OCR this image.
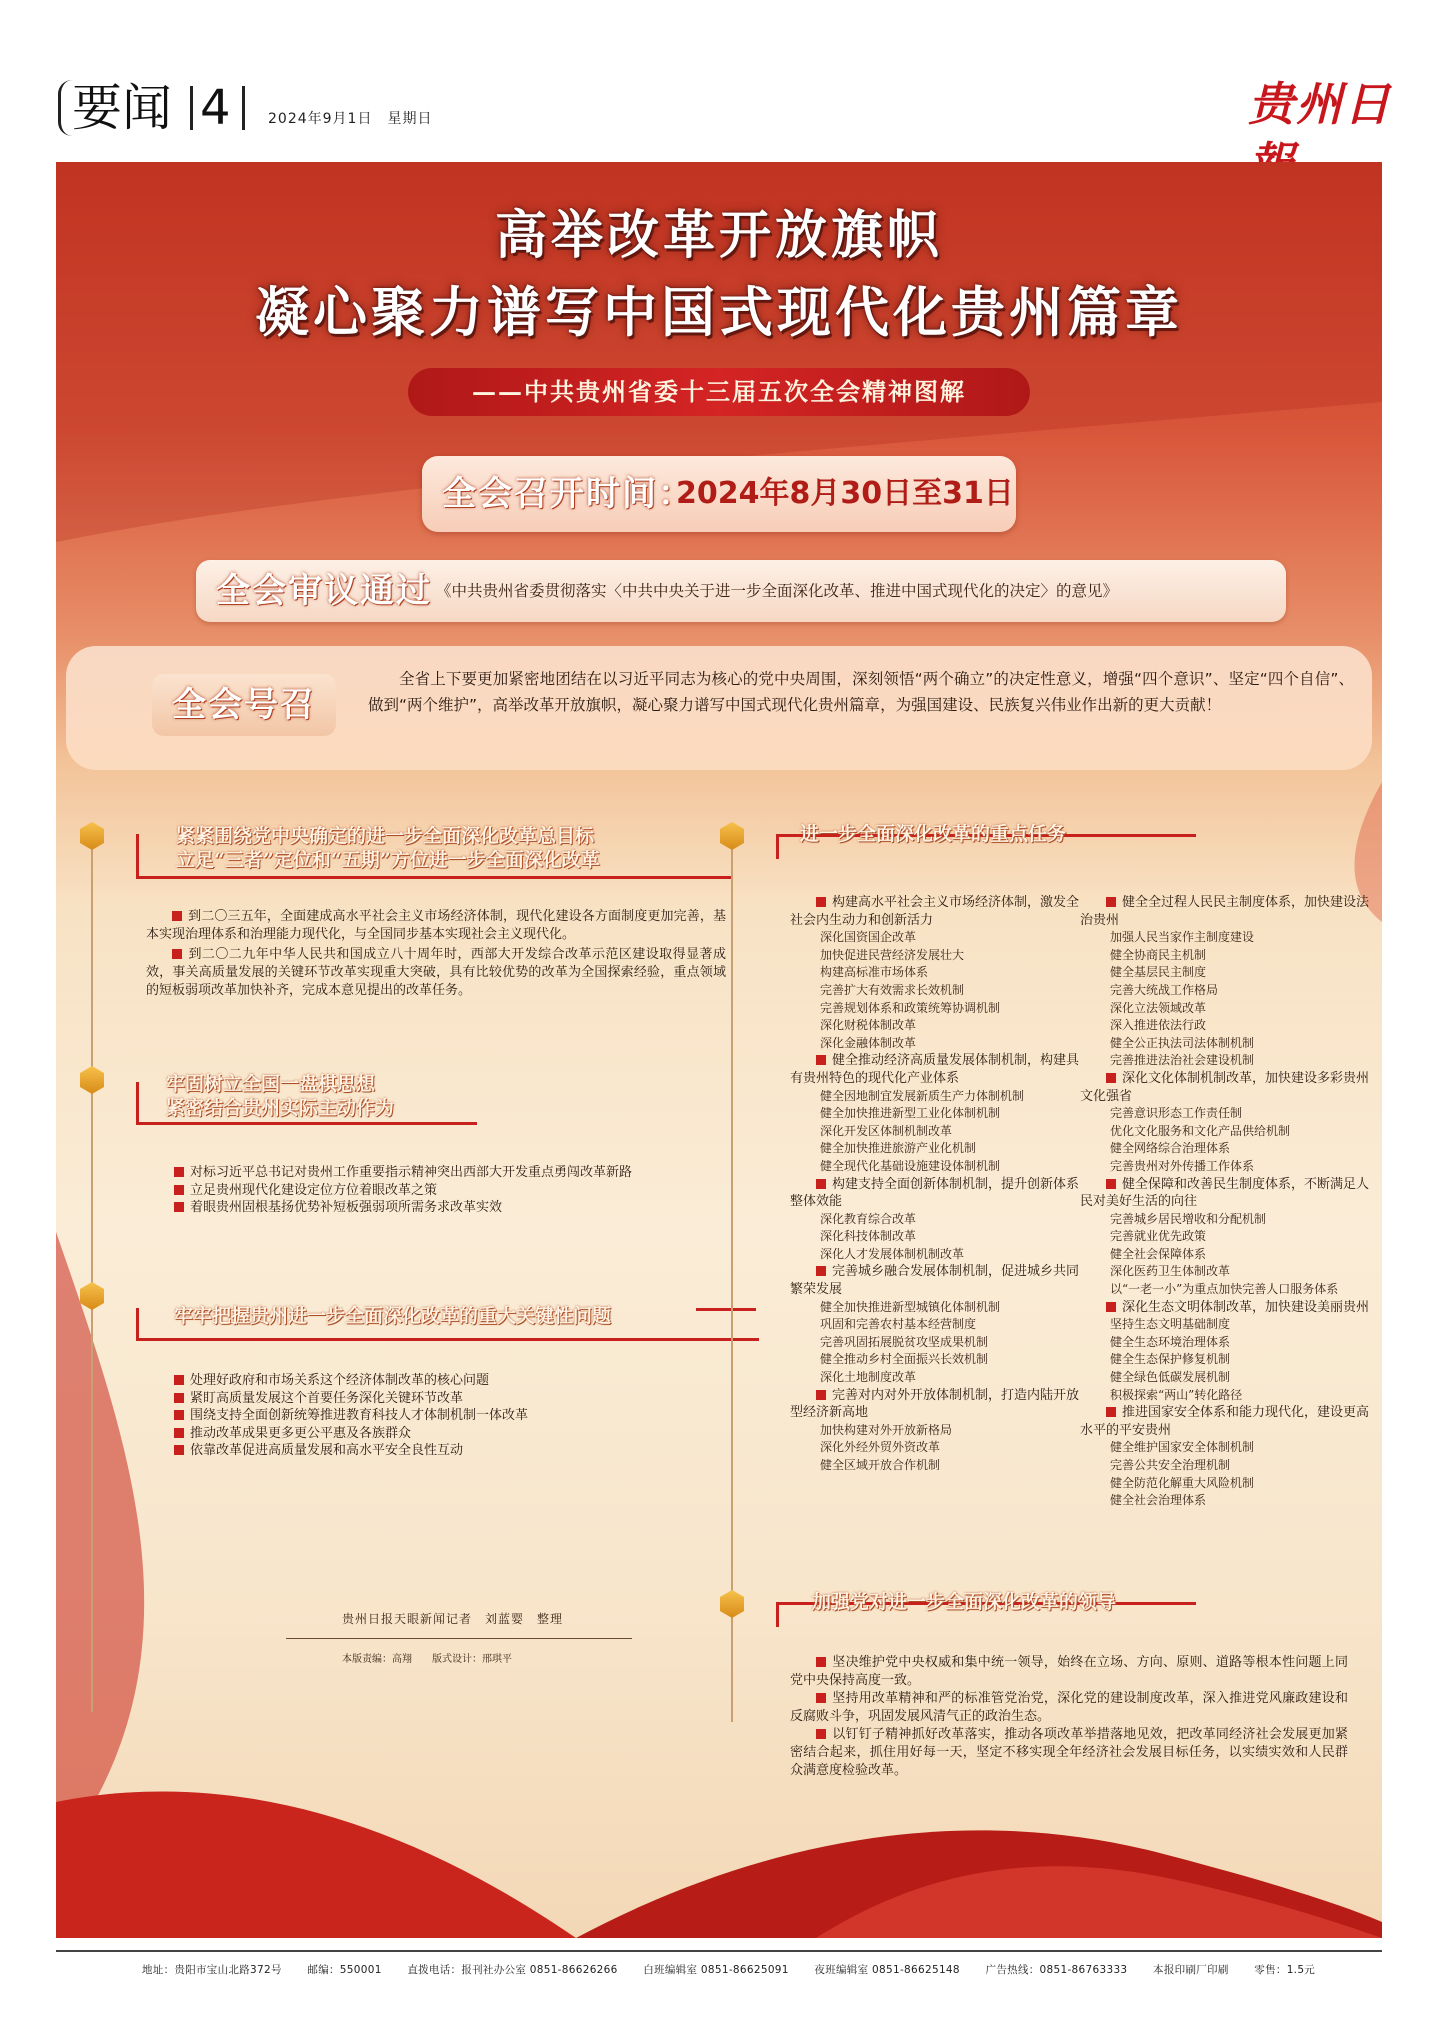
要闻 4	2024年9月1日　星期日	贵州日
高举改革开放旗帜
凝心聚力谱写中国式现代化贵州篇章
——中共贵州省委十三届五次全会精神图解
全会召开时间：
2024年8月30日至31日
全会审议通过 《中共贵州省委贯彻落实〈中共中央关于进一步全面深化改革、推进中国式现代化的决定〉的意见》
全会号召
全省上下要更加紧密地团结在以习近平同志为核心的党中央周围，深刻领悟“两个确立”的决定性意义，增强“四个意识”、坚定“四个自信”、做到“两个维护”，高举改革开放旗帜，凝心聚力谱写中国式现代化贵州篇章，为强国建设、民族复兴伟业作出新的更大贡献！
紧紧围绕党中央确定的进一步全面深化改革总目标
立足“三者”定位和“五期”方位进一步全面深化改革
到二〇三五年，全面建成高水平社会主义市场经济体制，现代化建设各方面制度更加完善，基本实现治理体系和治理能力现代化，与全国同步基本实现社会主义现代化。
到二〇二九年中华人民共和国成立八十周年时，西部大开发综合改革示范区建设取得显著成效，事关高质量发展的关键环节改革实现重大突破，具有比较优势的改革为全国探索经验，重点领域的短板弱项改革加快补齐，完成本意见提出的改革任务。
牢固树立全国一盘棋思想
紧密结合贵州实际主动作为
对标习近平总书记对贵州工作重要指示精神突出西部大开发重点勇闯改革新路
立足贵州现代化建设定位方位着眼改革之策
着眼贵州固根基扬优势补短板强弱项所需务求改革实效
牢牢把握贵州进一步全面深化改革的重大关键性问题
处理好政府和市场关系这个经济体制改革的核心问题
紧盯高质量发展这个首要任务深化关键环节改革
围绕支持全面创新统筹推进教育科技人才体制机制一体改革
推动改革成果更多更公平惠及各族群众
依靠改革促进高质量发展和高水平安全良性互动
贵州日报天眼新闻记者　刘蓝婴　整理
本版责编：高翔　　版式设计：邢琪平
进一步全面深化改革的重点任务
构建高水平社会主义市场经济体制，激发全社会内生动力和创新活力
深化国资国企改革
加快促进民营经济发展壮大
构建高标准市场体系
完善扩大有效需求长效机制
完善规划体系和政策统筹协调机制
深化财税体制改革
深化金融体制改革
健全推动经济高质量发展体制机制，构建具有贵州特色的现代化产业体系
健全因地制宜发展新质生产力体制机制
健全加快推进新型工业化体制机制
深化开发区体制机制改革
健全加快推进旅游产业化机制
健全现代化基础设施建设体制机制
构建支持全面创新体制机制，提升创新体系整体效能
深化教育综合改革
深化科技体制改革
深化人才发展体制机制改革
完善城乡融合发展体制机制，促进城乡共同繁荣发展
健全加快推进新型城镇化体制机制
巩固和完善农村基本经营制度
完善巩固拓展脱贫攻坚成果机制
健全推动乡村全面振兴长效机制
深化土地制度改革
完善对内对外开放体制机制，打造内陆开放型经济新高地
加快构建对外开放新格局
深化外经外贸外资改革
健全区域开放合作机制
健全全过程人民民主制度体系，加快建设法治贵州
加强人民当家作主制度建设
健全协商民主机制
健全基层民主制度
完善大统战工作格局
深化立法领域改革
深入推进依法行政
健全公正执法司法体制机制
完善推进法治社会建设机制
深化文化体制机制改革，加快建设多彩贵州文化强省
完善意识形态工作责任制
优化文化服务和文化产品供给机制
健全网络综合治理体系
完善贵州对外传播工作体系
健全保障和改善民生制度体系，不断满足人民对美好生活的向往
完善城乡居民增收和分配机制
完善就业优先政策
健全社会保障体系
深化医药卫生体制改革
以“一老一小”为重点加快完善人口服务体系
深化生态文明体制改革，加快建设美丽贵州
坚持生态文明基础制度
健全生态环境治理体系
健全生态保护修复机制
健全绿色低碳发展机制
积极探索“两山”转化路径
推进国家安全体系和能力现代化，建设更高水平的平安贵州
健全维护国家安全体制机制
完善公共安全治理机制
健全防范化解重大风险机制
健全社会治理体系
加强党对进一步全面深化改革的领导
坚决维护党中央权威和集中统一领导，始终在立场、方向、原则、道路等根本性问题上同党中央保持高度一致。
坚持用改革精神和严的标准管党治党，深化党的建设制度改革，深入推进党风廉政建设和反腐败斗争，巩固发展风清气正的政治生态。
以钉钉子精神抓好改革落实，推动各项改革举措落地见效，把改革同经济社会发展更加紧密结合起来，抓住用好每一天，坚定不移实现全年经济社会发展目标任务，以实绩实效和人民群众满意度检验改革。
地址：贵阳市宝山北路372号 邮编：550001 直拨电话：报刊社办公室 0851-86626266 白班编辑室 0851-86625091 夜班编辑室 0851-86625148 广告热线：0851-86763333 本报印刷厂印刷 零售：1.5元
